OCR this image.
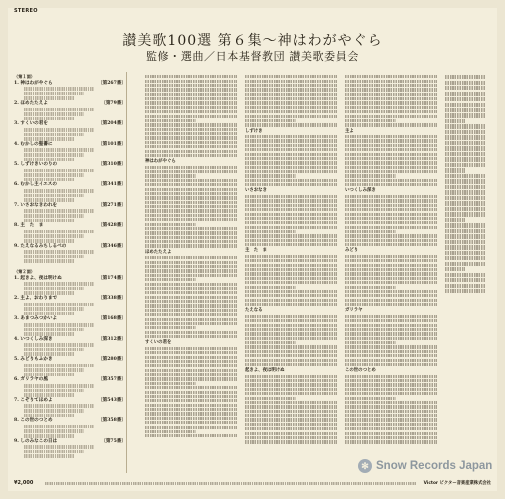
STEREO
讃美歌100選 第６集〜神はわがやぐら
監修・選曲／日本基督教団 讃美歌委員会
（第１面）
1. 神はわがやぐら	〔第267番〕
2. ほめたたえよ	〔第79番〕
3. すくいの君を	〔第204番〕
4. むかしの聖書に	〔第101番〕
5. しずけきいのりの	〔第310番〕
6. むかし主イエスの	〔第341番〕
7. いさおなきわれを	〔第271番〕
8. 主　た　ま	〔第428番〕
9. たえなるみちしるべの	〔第346番〕
（第２面）
1. 起きよ、夜は明けぬ	〔第174番〕
2. 主よ、おわりまで	〔第338番〕
3. あまつみつかいよ	〔第168番〕
4. いつくしみ深き	〔第312番〕
5. みどりもふかき	〔第280番〕
6. ガリラヤの風	〔第357番〕
7. こぞりてほめよ	〔第543番〕
8. この世のつとめ	〔第358番〕
9. しのみなこの日は	〔第75番〕
神はわがやぐら
ほめたたえよ
すくいの君を
しずけき
いさおなき
主　た　ま
たえなる
起きよ、夜は明けぬ
主よ
いつくしみ深き
みどり
ガリラヤ
この世のつとめ
¥2,000	Victor ビクター音楽産業株式会社
✻ Snow Records Japan
